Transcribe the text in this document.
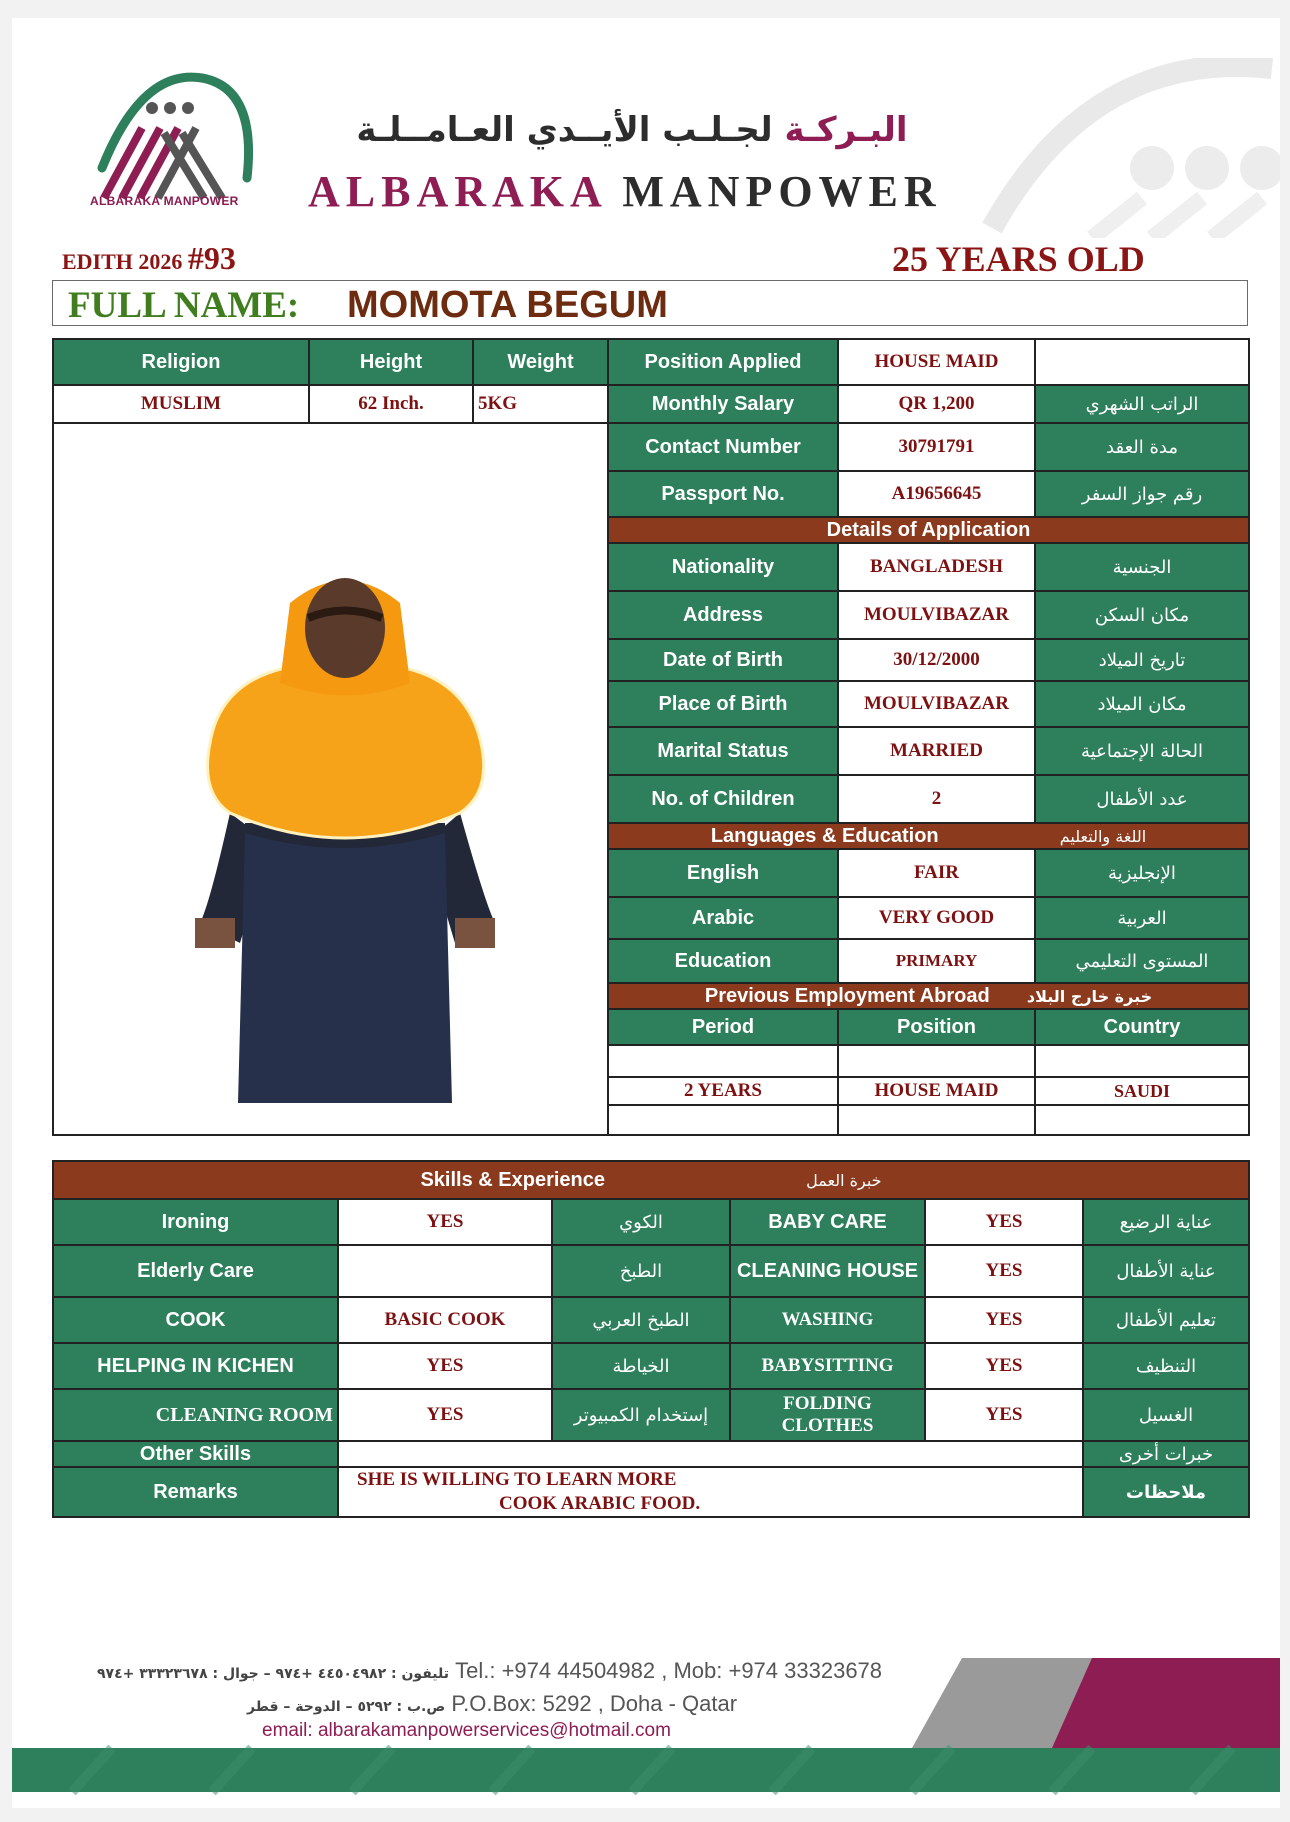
ALBARAKA MANPOWER
البـركـة لجـلـب الأيــدي العـامــلـة
ALBARAKA MANPOWER
EDITH 2026 #93	25 YEARS OLD
FULL NAME: MOMOTA BEGUM
Religion	Height	Weight	Position Applied	HOUSE MAID	
MUSLIM	62 Inch.	5KG	Monthly Salary	QR 1,200	الراتب الشهري
			Contact Number	30791791	مدة العقد
			Passport No.	A19656645	رقم جواز السفر
			Details of Application		
			Nationality	BANGLADESH	الجنسية
			Address	MOULVIBAZAR	مكان السكن
			Date of Birth	30/12/2000	تاريخ الميلاد
			Place of Birth	MOULVIBAZAR	مكان الميلاد
			Marital Status	MARRIED	الحالة الإجتماعية
			No. of Children	2	عدد الأطفال
			Languages & Education اللغة والتعليم		
			English	FAIR	الإنجليزية
			Arabic	VERY GOOD	العربية
			Education	PRIMARY	المستوى التعليمي
			Previous Employment Abroad خبرة خارج البلاد		
			Period	Position	Country

			2 YEARS	HOUSE MAID	SAUDI

Skills & Experience خبرة العمل					
Ironing	YES	الكوي	BABY CARE	YES	عناية الرضيع
Elderly Care		الطبخ	CLEANING HOUSE	YES	عناية الأطفال
COOK	BASIC COOK	الطبخ العربي	WASHING	YES	تعليم الأطفال
HELPING IN KICHEN	YES	الخياطة	BABYSITTING	YES	التنظيف
CLEANING ROOM	YES	إستخدام الكمبيوتر	FOLDING CLOTHES	YES	الغسيل
Other Skills					خبرات أخرى
Remarks	SHE IS WILLING TO LEARN MORE
COOK ARABIC FOOD.				ملاحظات
تليفون : ٤٤٥٠٤٩٨٢ +٩٧٤ – جوال : ٣٣٣٢٣٦٧٨ +٩٧٤ Tel.: +974 44504982 , Mob: +974 33323678
ص.ب : ٥٢٩٢ – الدوحة – قطر P.O.Box: 5292 , Doha - Qatar
email: albarakamanpowerservices@hotmail.com
